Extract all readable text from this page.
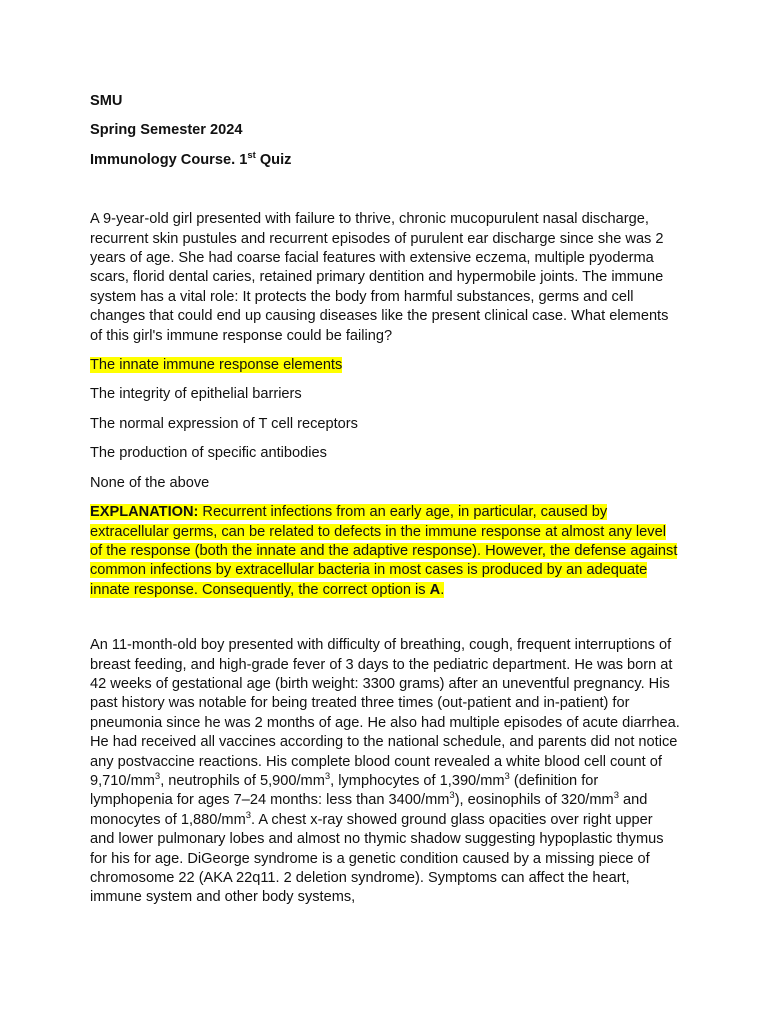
SMU

Spring Semester 2024

Immunology Course. 1st Quiz

A 9-year-old girl presented with failure to thrive, chronic mucopurulent nasal discharge, recurrent skin pustules and recurrent episodes of purulent ear discharge since she was 2 years of age. She had coarse facial features with extensive eczema, multiple pyoderma scars, florid dental caries, retained primary dentition and hypermobile joints. The immune system has a vital role: It protects the body from harmful substances, germs and cell changes that could end up causing diseases like the present clinical case. What elements of this girl's immune response could be failing?

The innate immune response elements

The integrity of epithelial barriers

The normal expression of T cell receptors

The production of specific antibodies

None of the above

EXPLANATION: Recurrent infections from an early age, in particular, caused by extracellular germs, can be related to defects in the immune response at almost any level of the response (both the innate and the adaptive response). However, the defense against common infections by extracellular bacteria in most cases is produced by an adequate innate response. Consequently, the correct option is A.

An 11-month-old boy presented with difficulty of breathing, cough, frequent interruptions of breast feeding, and high-grade fever of 3 days to the pediatric department. He was born at 42 weeks of gestational age (birth weight: 3300 grams) after an uneventful pregnancy. His past history was notable for being treated three times (out-patient and in-patient) for pneumonia since he was 2 months of age. He also had multiple episodes of acute diarrhea. He had received all vaccines according to the national schedule, and parents did not notice any postvaccine reactions. His complete blood count revealed a white blood cell count of $9,710/mm^3$, neutrophils of $5,900/mm^3$, lymphocytes of $1,390/mm^3$ (definition for lymphopenia for ages 7–24 months: less than $3400/mm^3$), eosinophils of $320/mm^3$ and monocytes of $1,880/mm^3$. A chest x-ray showed ground glass opacities over right upper and lower pulmonary lobes and almost no thymic shadow suggesting hypoplastic thymus for his for age. DiGeorge syndrome is a genetic condition caused by a missing piece of chromosome 22 (AKA 22q11. 2 deletion syndrome). Symptoms can affect the heart, immune system and other body systems,
